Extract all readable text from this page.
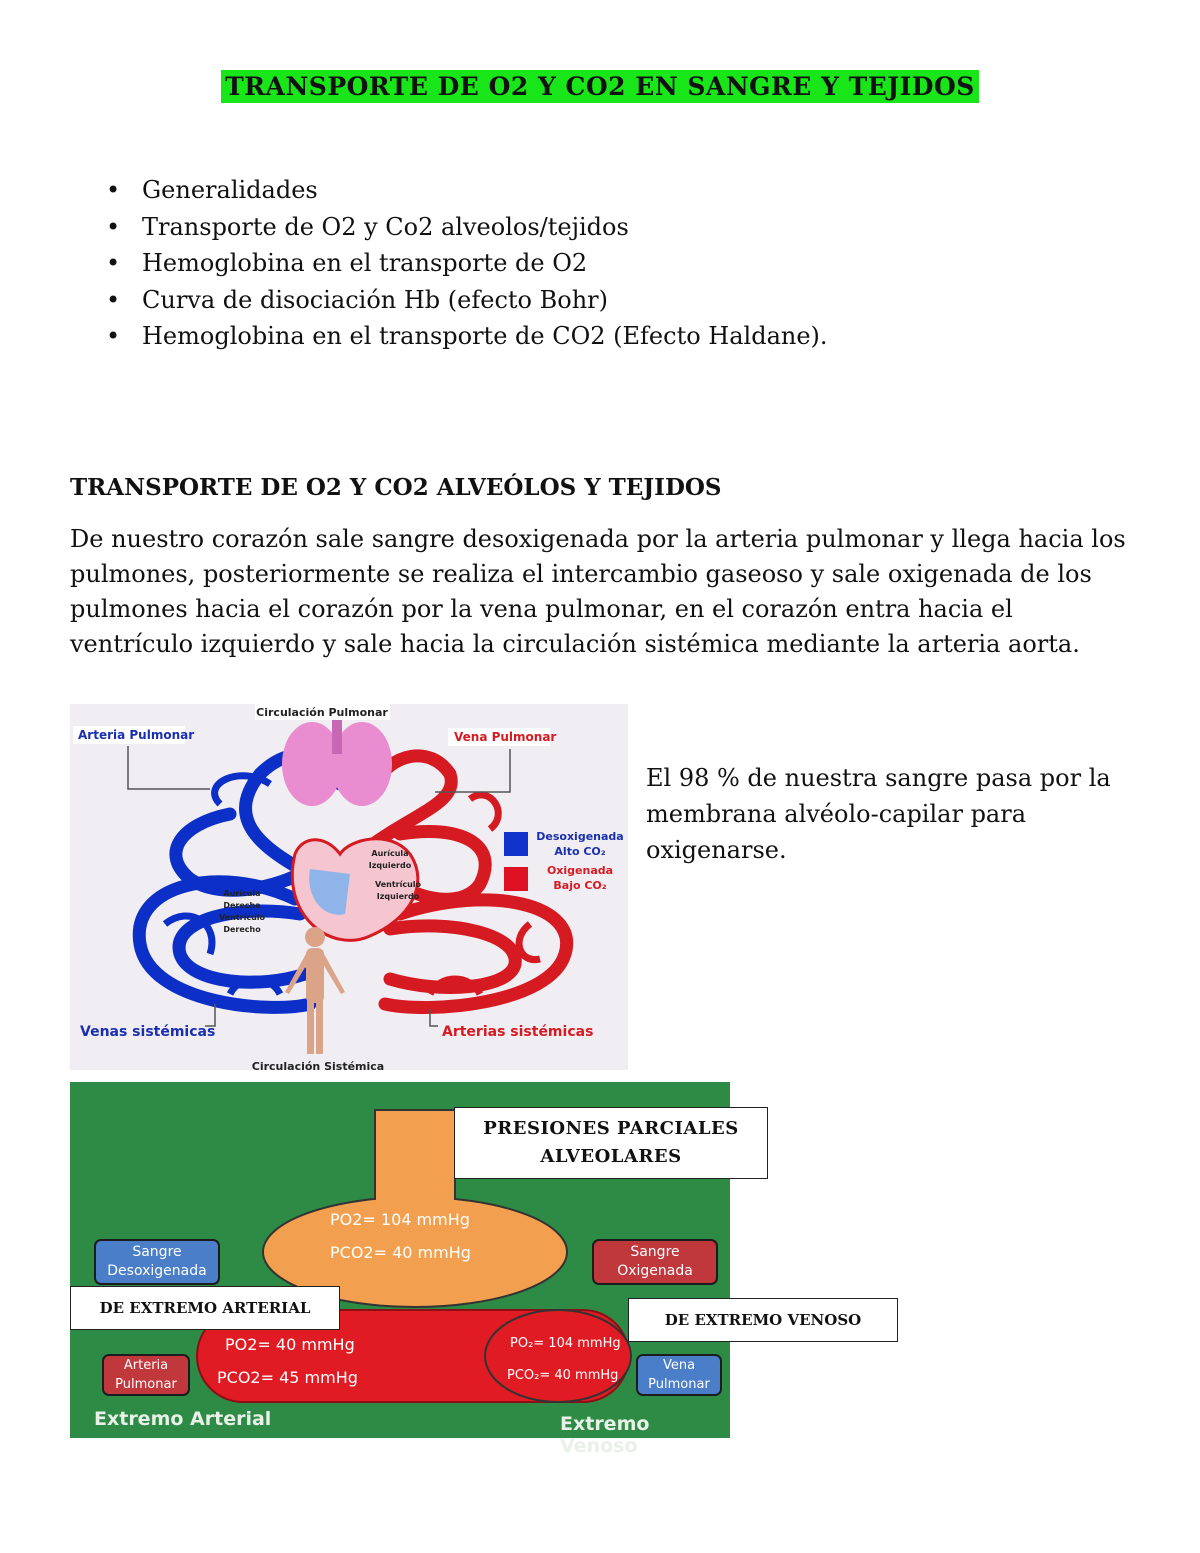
TRANSPORTE DE O2 Y CO2 EN SANGRE Y TEJIDOS
• Generalidades
• Transporte de O2 y Co2 alveolos/tejidos
• Hemoglobina en el transporte de O2
• Curva de disociación Hb (efecto Bohr)
• Hemoglobina en el transporte de CO2 (Efecto Haldane).
TRANSPORTE DE O2 Y CO2 ALVEÓLOS Y TEJIDOS

De nuestro corazón sale sangre desoxigenada por la arteria pulmonar y llega hacia los pulmones, posteriormente se realiza el intercambio gaseoso y sale oxigenada de los pulmones hacia el corazón por la vena pulmonar, en el corazón entra hacia el ventrículo izquierdo y sale hacia la circulación sistémica mediante la arteria aorta.

Circulación Pulmonar
Arteria Pulmonar	Vena Pulmonar
Venas sistémicas	Arterias sistémicas
Circulación Sistémica
Aurícula
Izquierdo
Ventrículo
Izquierdo
Aurícula
Derecha
Ventrículo
Derecho
Desoxigenada
Alto CO₂
Oxigenada
Bajo CO₂

El 98 % de nuestra sangre pasa por la membrana alvéolo-capilar para oxigenarse.

PO2= 104 mmHg
PCO2= 40 mmHg
Sangre Desoxigenada
Sangre Oxigenada
PO2= 40 mmHg
PCO2= 45 mmHg
PO₂= 104 mmHg
PCO₂= 40 mmHg
Arteria Pulmonar
Vena Pulmonar
Extremo Arterial	Extremo Venoso
PRESIONES PARCIALES ALVEOLARES
DE EXTREMO ARTERIAL
DE EXTREMO VENOSO
